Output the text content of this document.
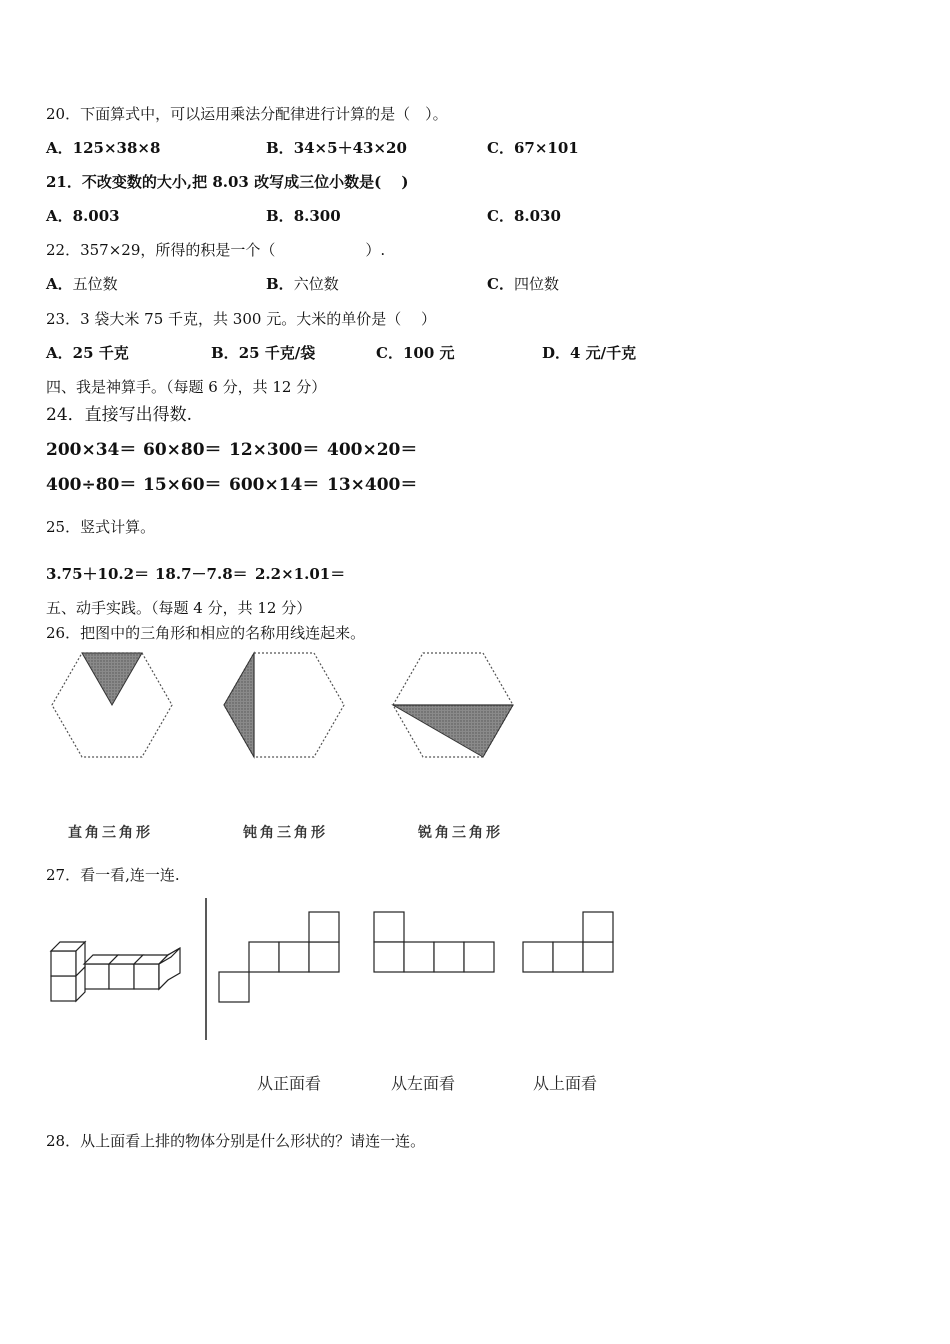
20．下面算式中，可以运用乘法分配律进行计算的是（　）。
A．125×38×8	B．34×5＋43×20	C．67×101
21．不改变数的大小,把 8.03 改写成三位小数是(　 )
A．8.003	B．8.300	C．8.030
22．357×29，所得的积是一个（　　　　　　）.
A．五位数	B．六位数	C．四位数
23．3 袋大米 75 千克，共 300 元。大米的单价是（　 ）
A．25 千克	B．25 千克/袋	C．100 元	D．4 元/千克
四、我是神算手。（每题 6 分，共 12 分）
24．直接写出得数.
200×34＝ 60×80＝ 12×300＝ 400×20＝
400÷80＝ 15×60＝ 600×14＝ 13×400＝
25．竖式计算。
3.75＋10.2＝ 18.7－7.8＝ 2.2×1.01＝
五、动手实践。（每题 4 分，共 12 分）
26．把图中的三角形和相应的名称用线连起来。
直角三角形	钝角三角形	锐角三角形
27．看一看,连一连.
从正面看	从左面看	从上面看
28．从上面看上排的物体分别是什么形状的？请连一连。
